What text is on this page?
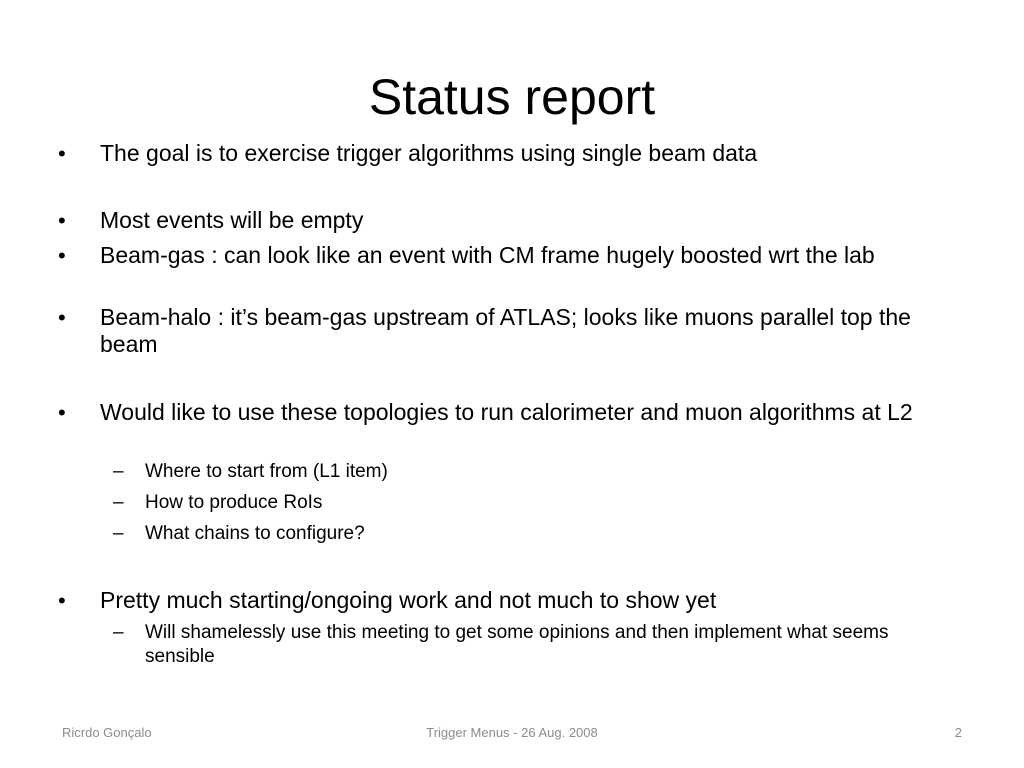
Status report
•	The goal is to exercise trigger algorithms using single beam data
•	Most events will be empty
•	Beam-gas : can look like an event with CM frame hugely boosted wrt the lab
•	Beam-halo : it’s beam-gas upstream of ATLAS; looks like muons parallel top the beam
•	Would like to use these topologies to run calorimeter and muon algorithms at L2
–	Where to start from (L1 item)
–	How to produce RoIs
–	What chains to configure?
•	Pretty much starting/ongoing work and not much to show yet
–	Will shamelessly use this meeting to get some opinions and then implement what seems sensible
Ricrdo Gonçalo	Trigger Menus - 26 Aug. 2008	2
